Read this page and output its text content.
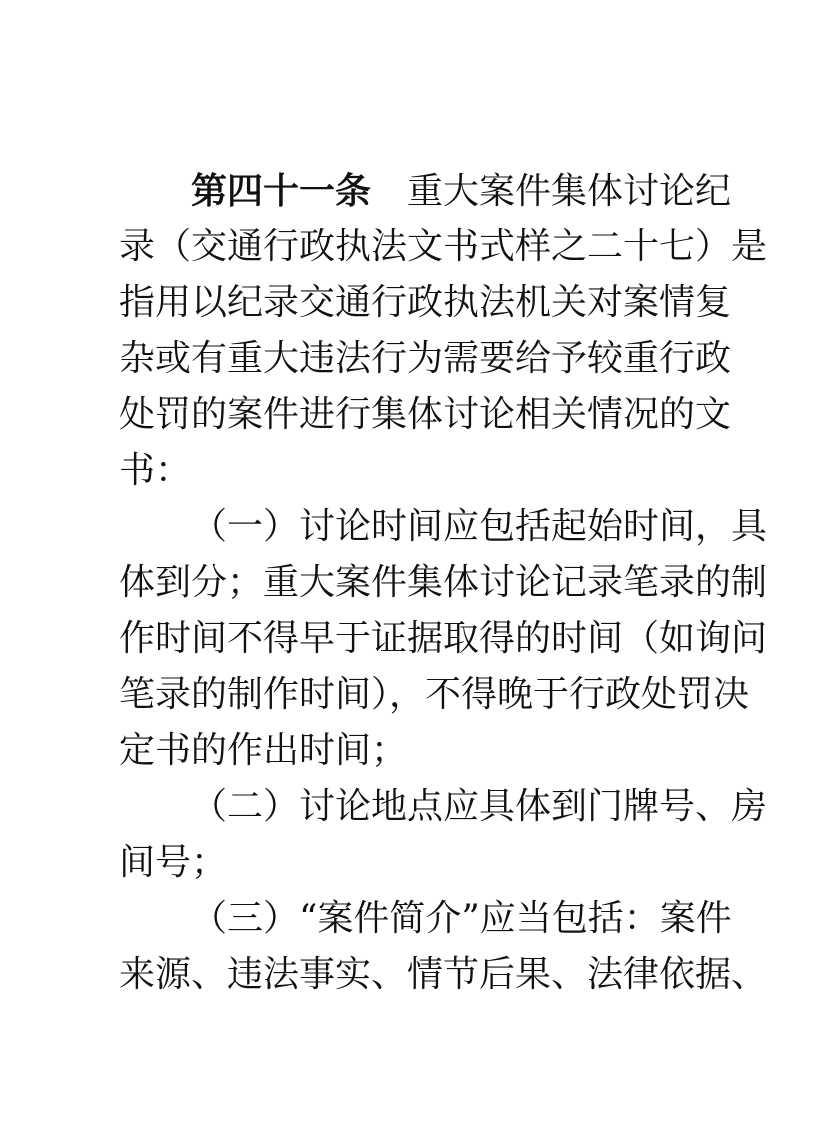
第四十一条 重大案件集体讨论纪
录（交通行政执法文书式样之二十七）是
指用以纪录交通行政执法机关对案情复
杂或有重大违法行为需要给予较重行政
处罚的案件进行集体讨论相关情况的文
书：

（一）讨论时间应包括起始时间，具
体到分；重大案件集体讨论记录笔录的制
作时间不得早于证据取得的时间（如询问
笔录的制作时间），不得晚于行政处罚决
定书的作出时间；

（二）讨论地点应具体到门牌号、房
间号；

（三）“案件简介”应当包括：案件
来源、违法事实、情节后果、法律依据、
